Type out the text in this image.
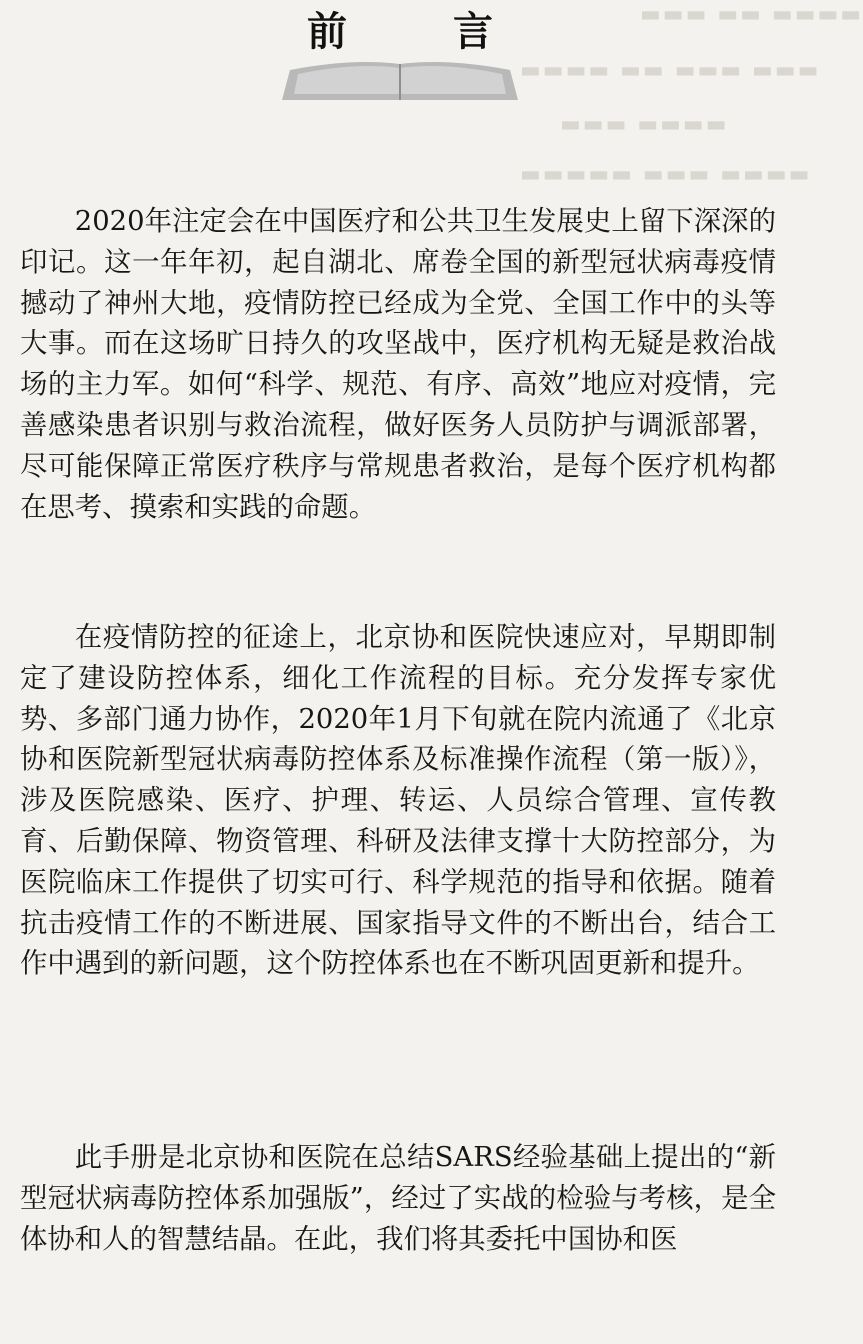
前 言	▬▬▬ ▬▬ ▬▬▬▬
▬▬▬▬ ▬▬ ▬▬▬ ▬▬▬
▬▬▬ ▬▬▬▬
▬▬▬▬▬ ▬▬▬ ▬▬▬▬

2020年注定会在中国医疗和公共卫生发展史上留下深深的印记。这一年年初，起自湖北、席卷全国的新型冠状病毒疫情撼动了神州大地，疫情防控已经成为全党、全国工作中的头等大事。而在这场旷日持久的攻坚战中，医疗机构无疑是救治战场的主力军。如何“科学、规范、有序、高效”地应对疫情，完善感染患者识别与救治流程，做好医务人员防护与调派部署，尽可能保障正常医疗秩序与常规患者救治，是每个医疗机构都在思考、摸索和实践的命题。

在疫情防控的征途上，北京协和医院快速应对，早期即制定了建设防控体系，细化工作流程的目标。充分发挥专家优势、多部门通力协作，2020年1月下旬就在院内流通了《北京协和医院新型冠状病毒防控体系及标准操作流程（第一版）》，涉及医院感染、医疗、护理、转运、人员综合管理、宣传教育、后勤保障、物资管理、科研及法律支撑十大防控部分，为医院临床工作提供了切实可行、科学规范的指导和依据。随着抗击疫情工作的不断进展、国家指导文件的不断出台，结合工作中遇到的新问题，这个防控体系也在不断巩固更新和提升。

此手册是北京协和医院在总结SARS经验基础上提出的“新型冠状病毒防控体系加强版”，经过了实战的检验与考核，是全体协和人的智慧结晶。在此，我们将其委托中国协和医
